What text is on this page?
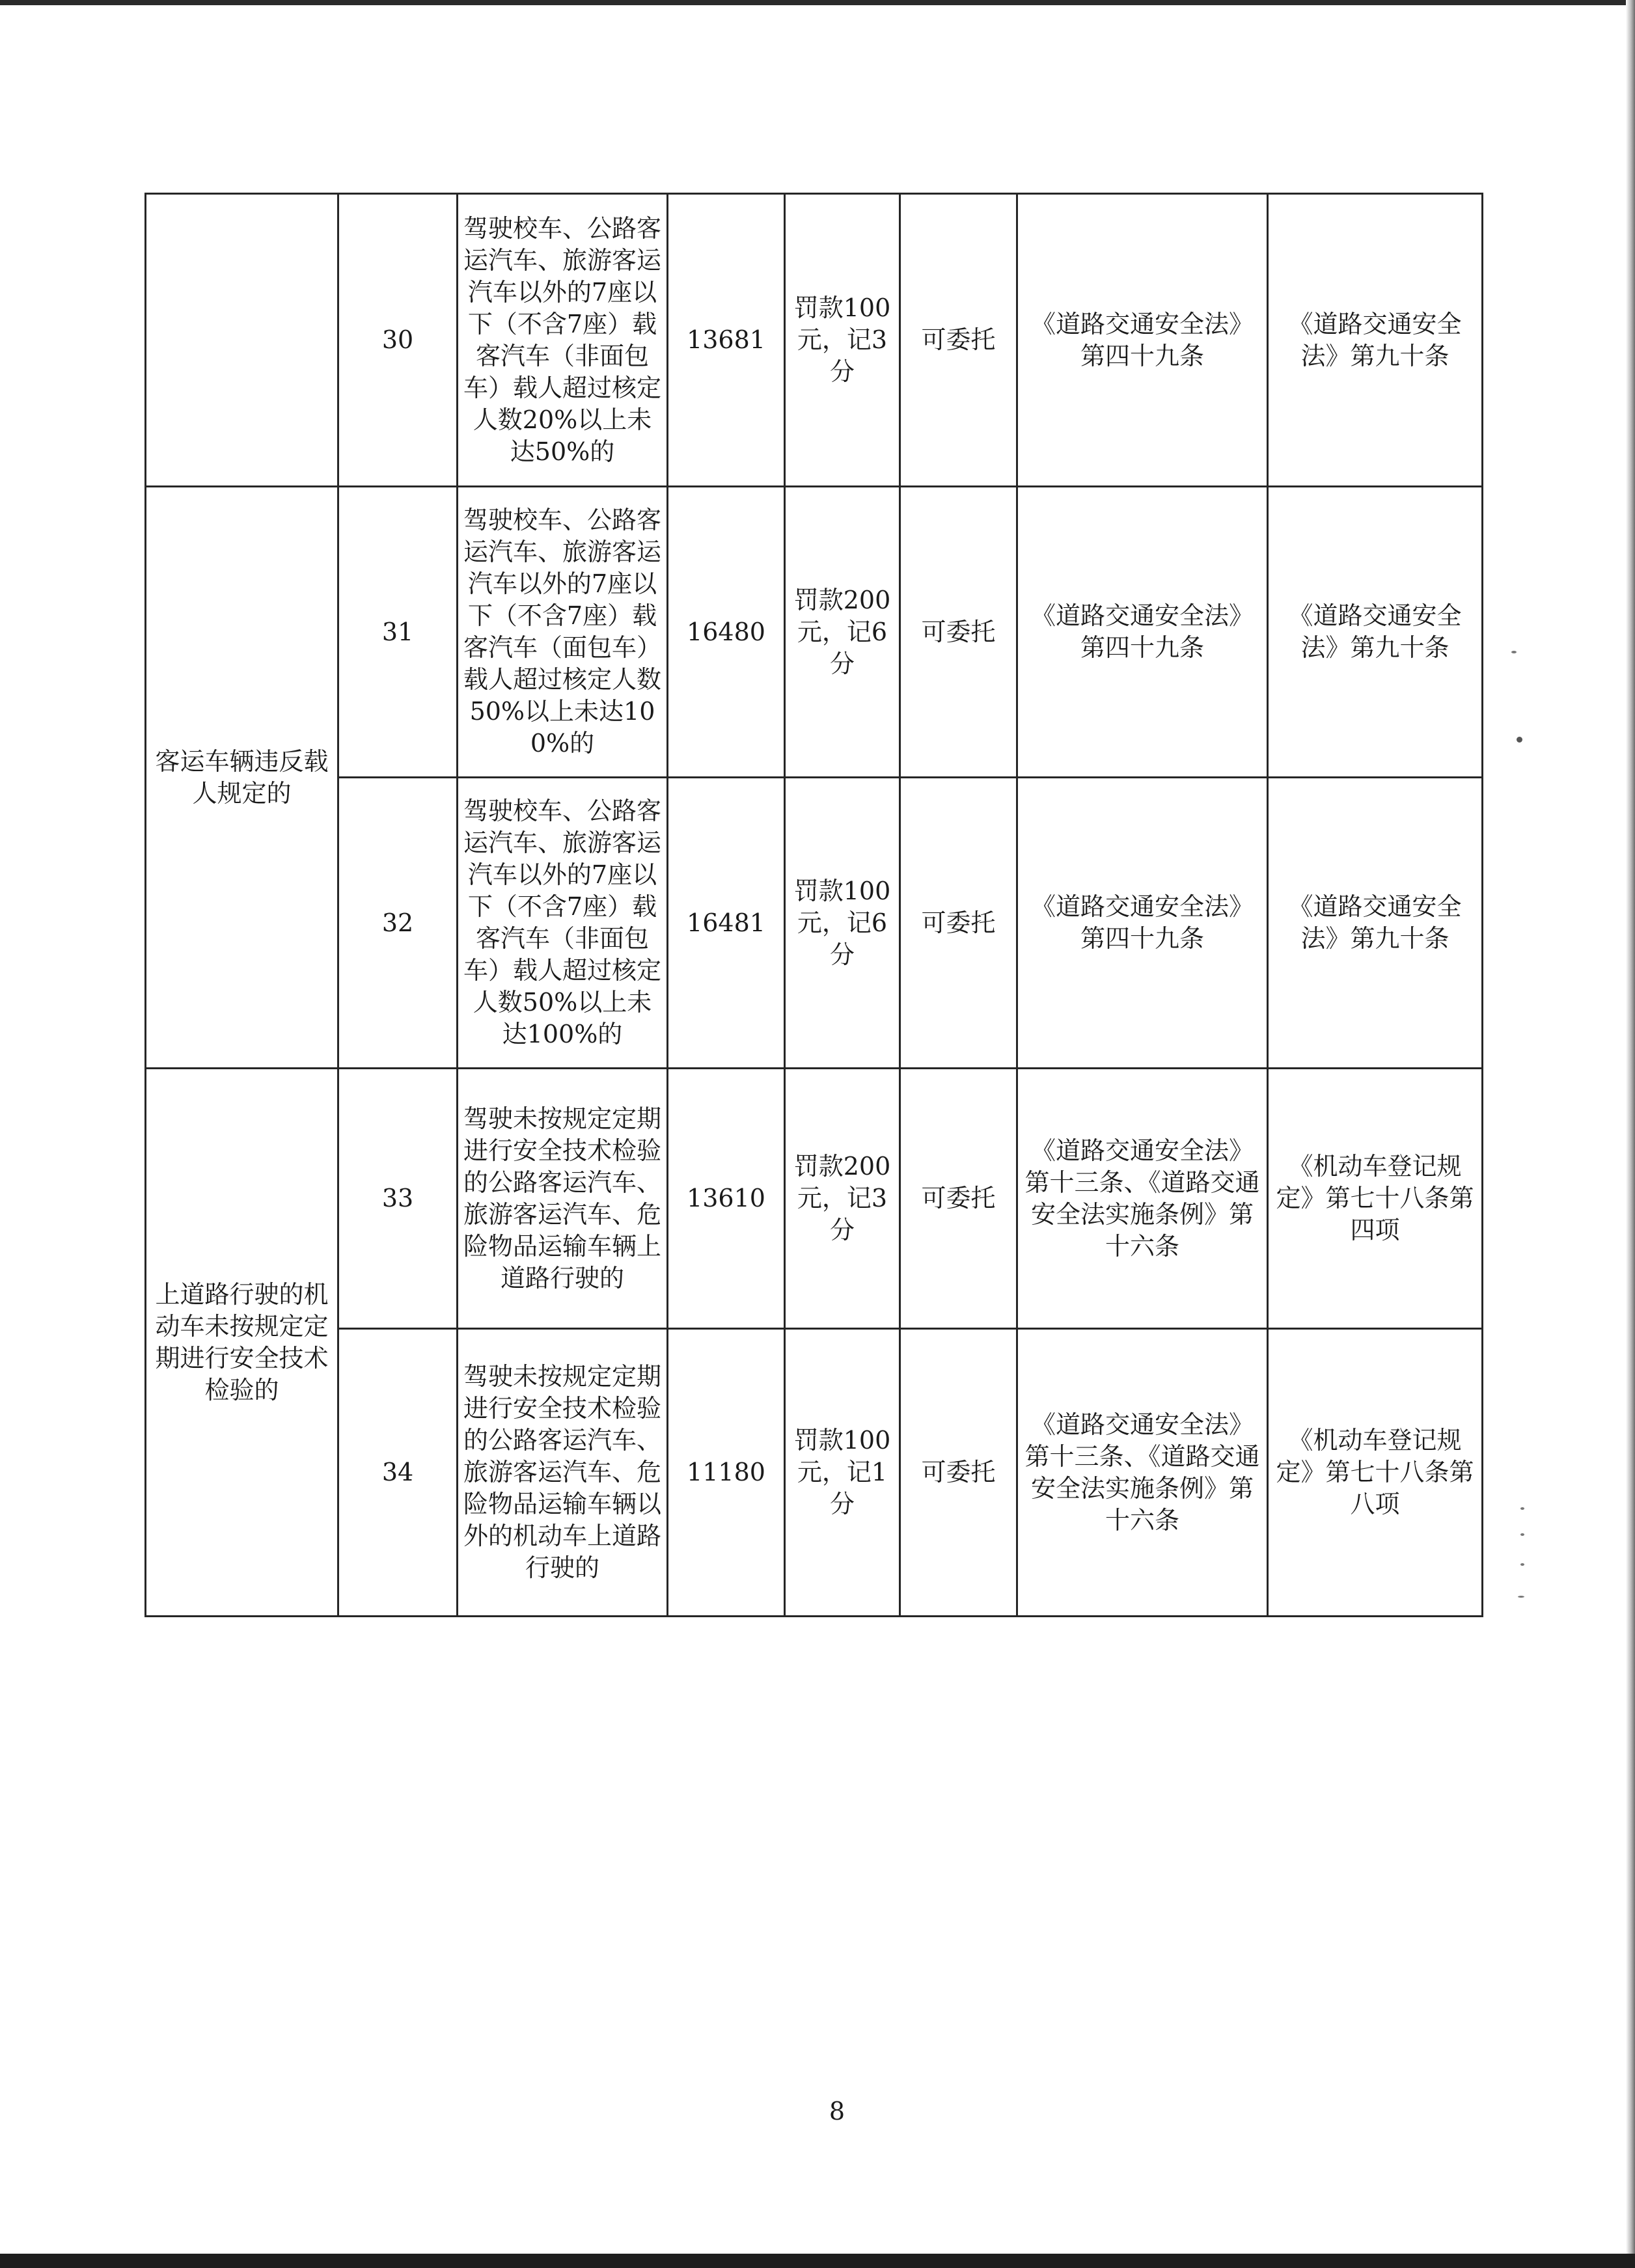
	30	驾驶校车、公路客运汽车、旅游客运汽车以外的7座以下（不含7座）载客汽车（非面包车）载人超过核定人数20%以上未达50%的	13681	罚款100元，记3分	可委托	《道路交通安全法》第四十九条	《道路交通安全法》第九十条
客运车辆违反载人规定的	31	驾驶校车、公路客运汽车、旅游客运汽车以外的7座以下（不含7座）载客汽车（面包车）载人超过核定人数50%以上未达100%的	16480	罚款200元，记6分	可委托	《道路交通安全法》第四十九条	《道路交通安全法》第九十条
	32	驾驶校车、公路客运汽车、旅游客运汽车以外的7座以下（不含7座）载客汽车（非面包车）载人超过核定人数50%以上未达100%的	16481	罚款100元，记6分	可委托	《道路交通安全法》第四十九条	《道路交通安全法》第九十条
上道路行驶的机动车未按规定定期进行安全技术检验的	33	驾驶未按规定定期进行安全技术检验的公路客运汽车、旅游客运汽车、危险物品运输车辆上道路行驶的	13610	罚款200元，记3分	可委托	《道路交通安全法》第十三条、《道路交通安全法实施条例》第十六条	《机动车登记规定》第七十八条第四项
	34	驾驶未按规定定期进行安全技术检验的公路客运汽车、旅游客运汽车、危险物品运输车辆以外的机动车上道路行驶的	11180	罚款100元，记1分	可委托	《道路交通安全法》第十三条、《道路交通安全法实施条例》第十六条	《机动车登记规定》第七十八条第八项
8
